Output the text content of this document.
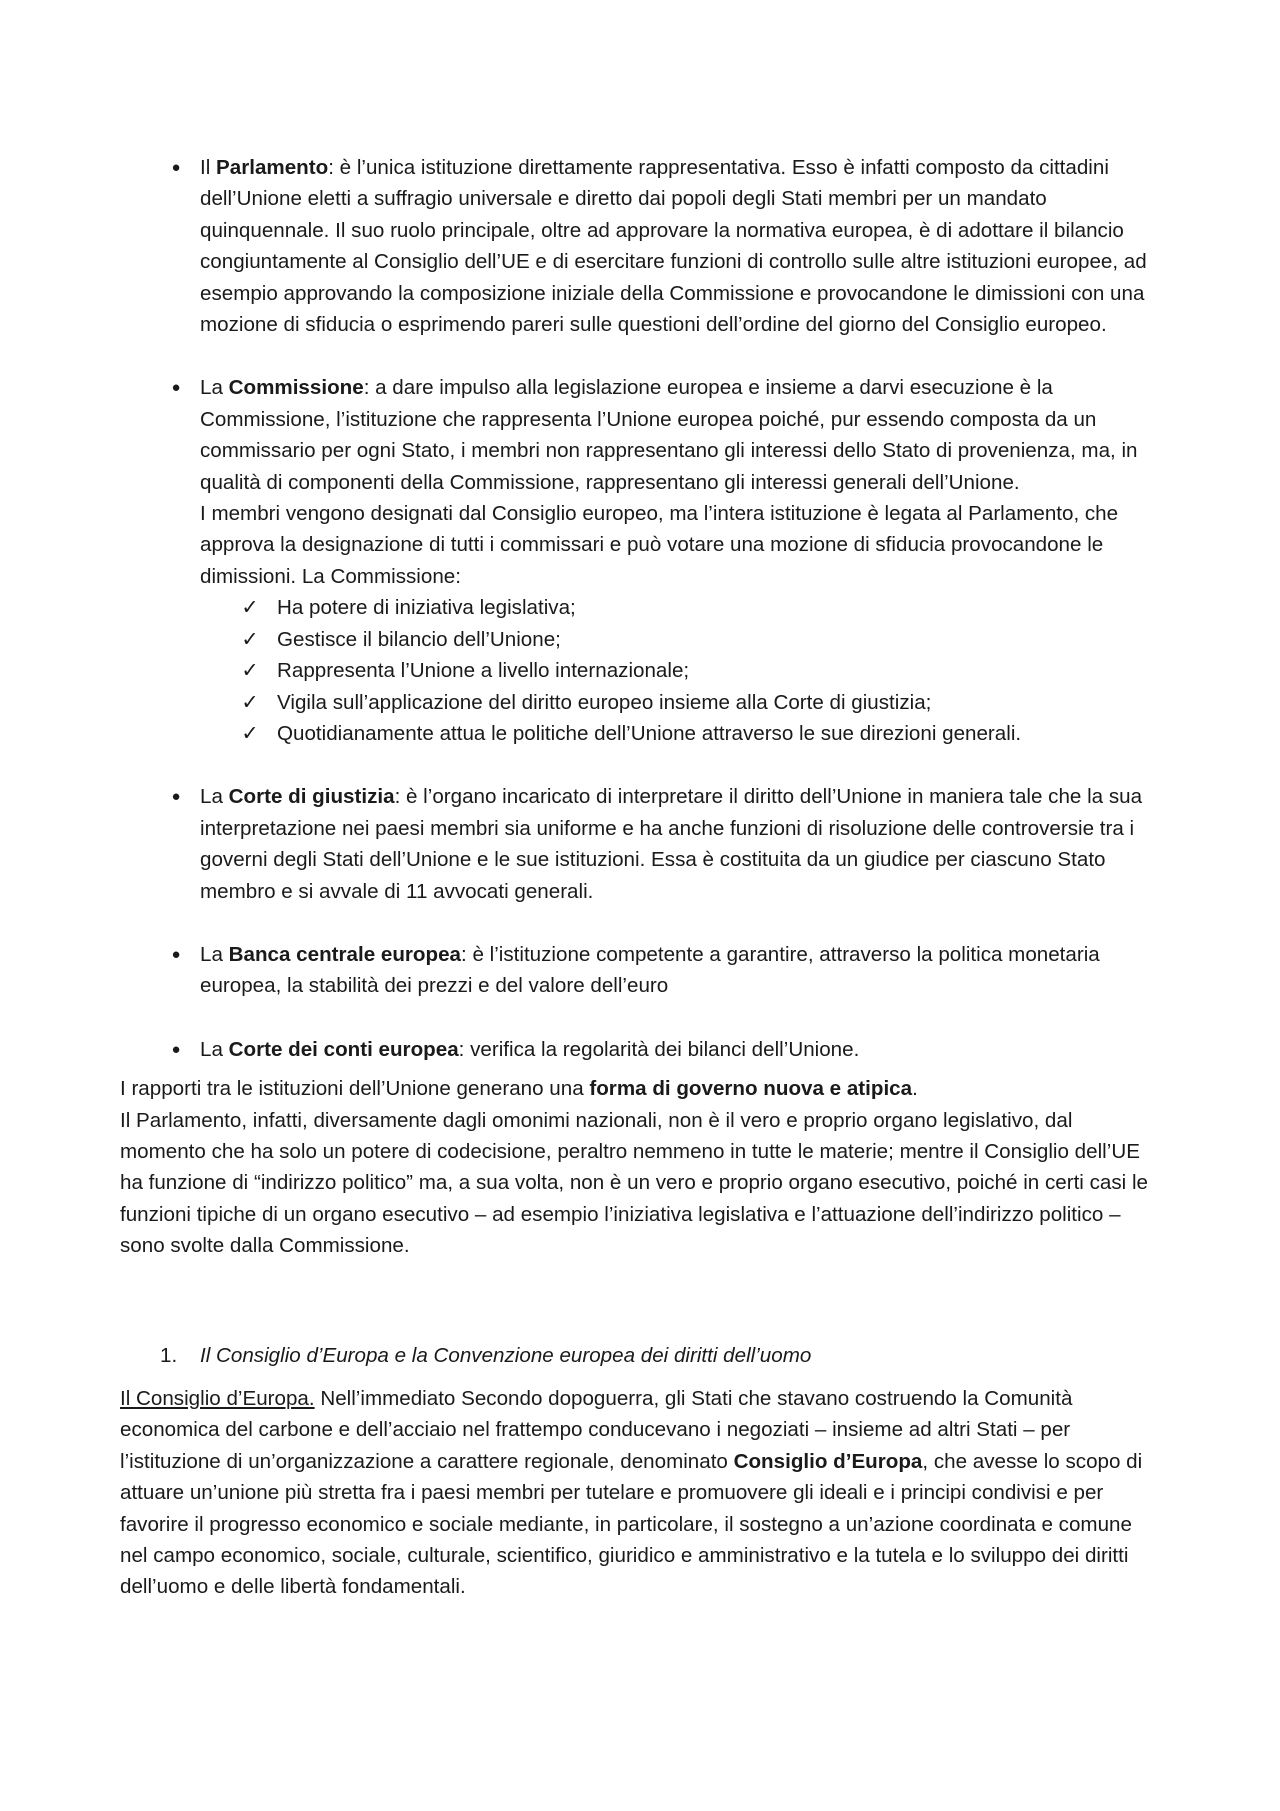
● Il Parlamento: è l’unica istituzione direttamente rappresentativa. Esso è infatti composto da cittadini dell’Unione eletti a suffragio universale e diretto dai popoli degli Stati membri per un mandato quinquennale. Il suo ruolo principale, oltre ad approvare la normativa europea, è di adottare il bilancio congiuntamente al Consiglio dell’UE e di esercitare funzioni di controllo sulle altre istituzioni europee, ad esempio approvando la composizione iniziale della Commissione e provocandone le dimissioni con una mozione di sfiducia o esprimendo pareri sulle questioni dell’ordine del giorno del Consiglio europeo.

● La Commissione: a dare impulso alla legislazione europea e insieme a darvi esecuzione è la Commissione, l’istituzione che rappresenta l’Unione europea poiché, pur essendo composta da un commissario per ogni Stato, i membri non rappresentano gli interessi dello Stato di provenienza, ma, in qualità di componenti della Commissione, rappresentano gli interessi generali dell’Unione.
I membri vengono designati dal Consiglio europeo, ma l’intera istituzione è legata al Parlamento, che approva la designazione di tutti i commissari e può votare una mozione di sfiducia provocandone le dimissioni. La Commissione:
✓ Ha potere di iniziativa legislativa;
✓ Gestisce il bilancio dell’Unione;
✓ Rappresenta l’Unione a livello internazionale;
✓ Vigila sull’applicazione del diritto europeo insieme alla Corte di giustizia;
✓ Quotidianamente attua le politiche dell’Unione attraverso le sue direzioni generali.

● La Corte di giustizia: è l’organo incaricato di interpretare il diritto dell’Unione in maniera tale che la sua interpretazione nei paesi membri sia uniforme e ha anche funzioni di risoluzione delle controversie tra i governi degli Stati dell’Unione e le sue istituzioni. Essa è costituita da un giudice per ciascuno Stato membro e si avvale di 11 avvocati generali.

● La Banca centrale europea: è l’istituzione competente a garantire, attraverso la politica monetaria europea, la stabilità dei prezzi e del valore dell’euro

● La Corte dei conti europea: verifica la regolarità dei bilanci dell’Unione.

I rapporti tra le istituzioni dell’Unione generano una forma di governo nuova e atipica.

Il Parlamento, infatti, diversamente dagli omonimi nazionali, non è il vero e proprio organo legislativo, dal momento che ha solo un potere di codecisione, peraltro nemmeno in tutte le materie; mentre il Consiglio dell’UE ha funzione di “indirizzo politico” ma, a sua volta, non è un vero e proprio organo esecutivo, poiché in certi casi le funzioni tipiche di un organo esecutivo – ad esempio l’iniziativa legislativa e l’attuazione dell’indirizzo politico – sono svolte dalla Commissione.

1.	Il Consiglio d’Europa e la Convenzione europea dei diritti dell’uomo

Il Consiglio d’Europa. Nell’immediato Secondo dopoguerra, gli Stati che stavano costruendo la Comunità economica del carbone e dell’acciaio nel frattempo conducevano i negoziati – insieme ad altri Stati – per l’istituzione di un’organizzazione a carattere regionale, denominato Consiglio d’Europa, che avesse lo scopo di attuare un’unione più stretta fra i paesi membri per tutelare e promuovere gli ideali e i principi condivisi e per favorire il progresso economico e sociale mediante, in particolare, il sostegno a un’azione coordinata e comune nel campo economico, sociale, culturale, scientifico, giuridico e amministrativo e la tutela e lo sviluppo dei diritti dell’uomo e delle libertà fondamentali.
